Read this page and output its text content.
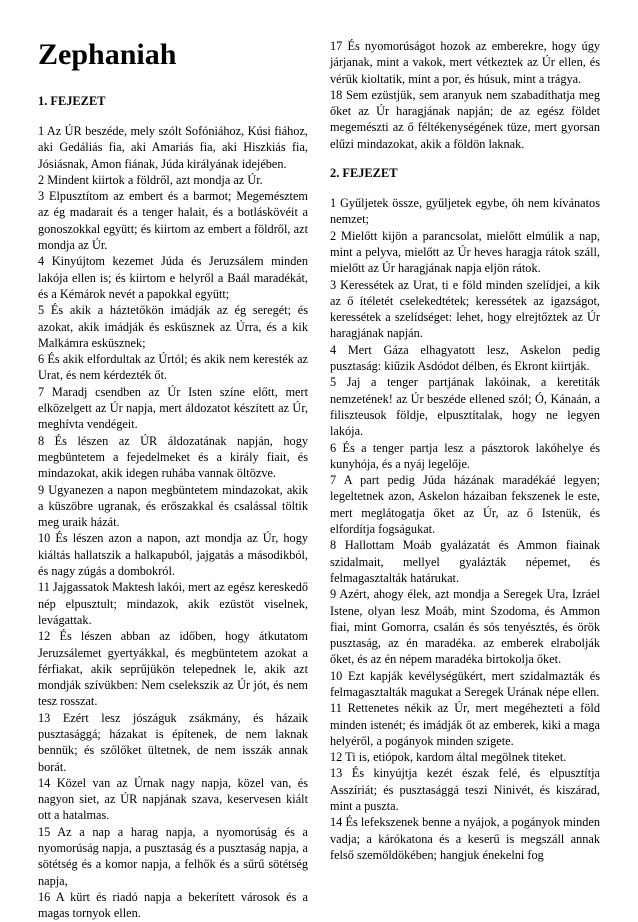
Zephaniah
1. FEJEZET

1 Az ÚR beszéde, mely szólt Sofóniához, Kúsi fiához, aki Gedáliás fia, aki Amariás fia, aki Hiszkiás fia, Jósiásnak, Amon fiának, Júda királyának idejében.

2 Mindent kiirtok a földről, azt mondja az Úr.

3 Elpusztítom az embert és a barmot; Megemésztem az ég madarait és a tenger halait, és a botláskövéit a gonoszokkal együtt; és kiirtom az embert a földről, azt mondja az Úr.

4 Kinyújtom kezemet Júda és Jeruzsálem minden lakója ellen is; és kiirtom e helyről a Baál maradékát, és a Kémárok nevét a papokkal együtt;

5 És akik a háztetőkön imádják az ég seregét; és azokat, akik imádják és esküsznek az Úrra, és a kik Malkámra esküsznek;

6 És akik elfordultak az Úrtól; és akik nem keresték az Urat, és nem kérdezték őt.

7 Maradj csendben az Úr Isten színe előtt, mert elközelgett az Úr napja, mert áldozatot készített az Úr, meghívta vendégeit.

8 És lészen az ÚR áldozatának napján, hogy megbüntetem a fejedelmeket és a király fiait, és mindazokat, akik idegen ruhába vannak öltözve.

9 Ugyanezen a napon megbüntetem mindazokat, akik a küszöbre ugranak, és erőszakkal és csalással töltik meg uraik házát.

10 És lészen azon a napon, azt mondja az Úr, hogy kiáltás hallatszik a halkapuból, jajgatás a másodikból, és nagy zúgás a dombokról.

11 Jajgassatok Maktesh lakói, mert az egész kereskedő nép elpusztult; mindazok, akik ezüstöt viselnek, levágattak.

12 És lészen abban az időben, hogy átkutatom Jeruzsálemet gyertyákkal, és megbüntetem azokat a férfiakat, akik seprűjükön telepednek le, akik azt mondják szívükben: Nem cselekszik az Úr jót, és nem tesz rosszat.

13 Ezért lesz jószáguk zsákmány, és házaik pusztasággá; házakat is építenek, de nem laknak bennük; és szőlőket ültetnek, de nem isszák annak borát.

14 Közel van az Úrnak nagy napja, közel van, és nagyon siet, az ÚR napjának szava, keservesen kiált ott a hatalmas.

15 Az a nap a harag napja, a nyomorúság és a nyomorúság napja, a pusztaság és a pusztaság napja, a sötétség és a komor napja, a felhők és a sűrű sötétség napja,

16 A kürt és riadó napja a bekerített városok és a magas tornyok ellen.

17 És nyomorúságot hozok az emberekre, hogy úgy járjanak, mint a vakok, mert vétkeztek az Úr ellen, és vérük kioltatik, mint a por, és húsuk, mint a trágya.

18 Sem ezüstjük, sem aranyuk nem szabadíthatja meg őket az Úr haragjának napján; de az egész földet megemészti az ő féltékenységének tüze, mert gyorsan elűzi mindazokat, akik a földön laknak.

2. FEJEZET

1 Gyűljetek össze, gyűljetek egybe, óh nem kívánatos nemzet;

2 Mielőtt kijön a parancsolat, mielőtt elmúlik a nap, mint a pelyva, mielőtt az Úr heves haragja rátok száll, mielőtt az Úr haragjának napja eljön rátok.

3 Keressétek az Urat, ti e föld minden szelídjei, a kik az ő ítéletét cselekedtétek; keressétek az igazságot, keressétek a szelídséget: lehet, hogy elrejtőztek az Úr haragjának napján.

4 Mert Gáza elhagyatott lesz, Askelon pedig pusztaság: kiűzik Asdódot délben, és Ekront kiirtják.

5 Jaj a tenger partjának lakóinak, a keretiták nemzetének! az Úr beszéde ellened szól; Ó, Kánaán, a filiszteusok földje, elpusztítalak, hogy ne legyen lakója.

6 És a tenger partja lesz a pásztorok lakóhelye és kunyhója, és a nyáj legelője.

7 A part pedig Júda házának maradékáé legyen; legeltetnek azon, Askelon házaiban fekszenek le este, mert meglátogatja őket az Úr, az ő Istenük, és elfordítja fogságukat.

8 Hallottam Moáb gyalázatát és Ammon fiainak szidalmait, mellyel gyalázták népemet, és felmagasztalták határukat.

9 Azért, ahogy élek, azt mondja a Seregek Ura, Izráel Istene, olyan lesz Moáb, mint Szodoma, és Ammon fiai, mint Gomorra, csalán és sós tenyésztés, és örök pusztaság, az én maradéka. az emberek elrabolják őket, és az én népem maradéka birtokolja őket.

10 Ezt kapják kevélységükért, mert szidalmazták és felmagasztalták magukat a Seregek Urának népe ellen.

11 Rettenetes nékik az Úr, mert megéhezteti a föld minden istenét; és imádják őt az emberek, kiki a maga helyéről, a pogányok minden szigete.

12 Ti is, etiópok, kardom által megölnek titeket.

13 És kinyújtja kezét észak felé, és elpusztítja Asszíriát; és pusztasággá teszi Ninivét, és kiszárad, mint a puszta.

14 És lefekszenek benne a nyájok, a pogányok minden vadja; a kárókatona és a keserű is megszáll annak felső szemöldökében; hangjuk énekelni fog
